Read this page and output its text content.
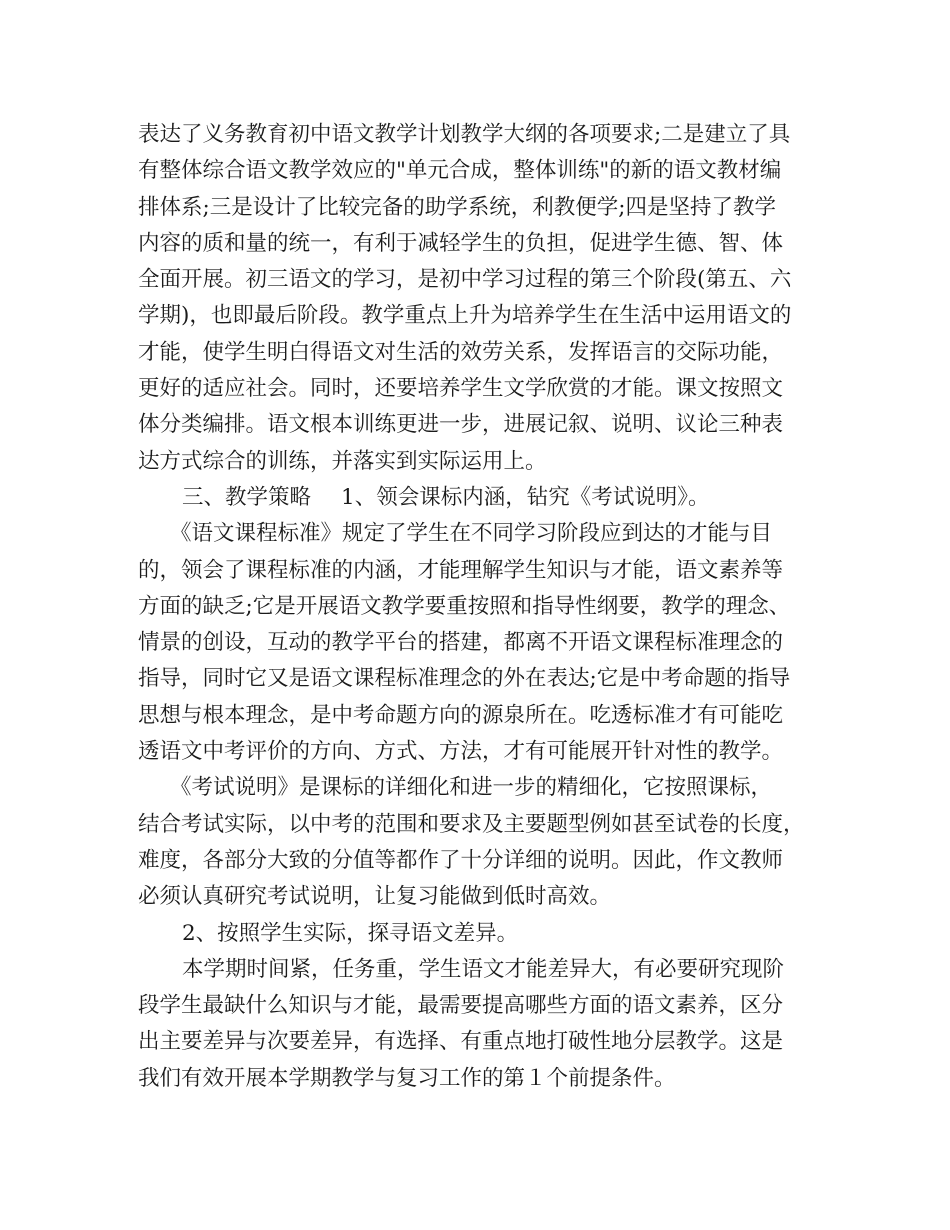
表达了义务教育初中语文教学计划教学大纲的各项要求;二是建立了具
有整体综合语文教学效应的"单元合成，整体训练"的新的语文教材编
排体系;三是设计了比较完备的助学系统，利教便学;四是坚持了教学
内容的质和量的统一，有利于减轻学生的负担，促进学生德、智、体
全面开展。初三语文的学习，是初中学习过程的第三个阶段(第五、六
学期)，也即最后阶段。教学重点上升为培养学生在生活中运用语文的
才能，使学生明白得语文对生活的效劳关系，发挥语言的交际功能，
更好的适应社会。同时，还要培养学生文学欣赏的才能。课文按照文
体分类编排。语文根本训练更进一步，进展记叙、说明、议论三种表
达方式综合的训练，并落实到实际运用上。
三、教学策略 1、领会课标内涵，钻究《考试说明》。
《语文课程标准》规定了学生在不同学习阶段应到达的才能与目
的，领会了课程标准的内涵，才能理解学生知识与才能，语文素养等
方面的缺乏;它是开展语文教学要重按照和指导性纲要，教学的理念、
情景的创设，互动的教学平台的搭建，都离不开语文课程标准理念的
指导，同时它又是语文课程标准理念的外在表达;它是中考命题的指导
思想与根本理念，是中考命题方向的源泉所在。吃透标准才有可能吃
透语文中考评价的方向、方式、方法，才有可能展开针对性的教学。
《考试说明》是课标的详细化和进一步的精细化，它按照课标，
结合考试实际，以中考的范围和要求及主要题型例如甚至试卷的长度，
难度，各部分大致的分值等都作了十分详细的说明。因此，作文教师
必须认真研究考试说明，让复习能做到低时高效。
2、按照学生实际，探寻语文差异。
本学期时间紧，任务重，学生语文才能差异大，有必要研究现阶
段学生最缺什么知识与才能，最需要提高哪些方面的语文素养，区分
出主要差异与次要差异，有选择、有重点地打破性地分层教学。这是
我们有效开展本学期教学与复习工作的第１个前提条件。
